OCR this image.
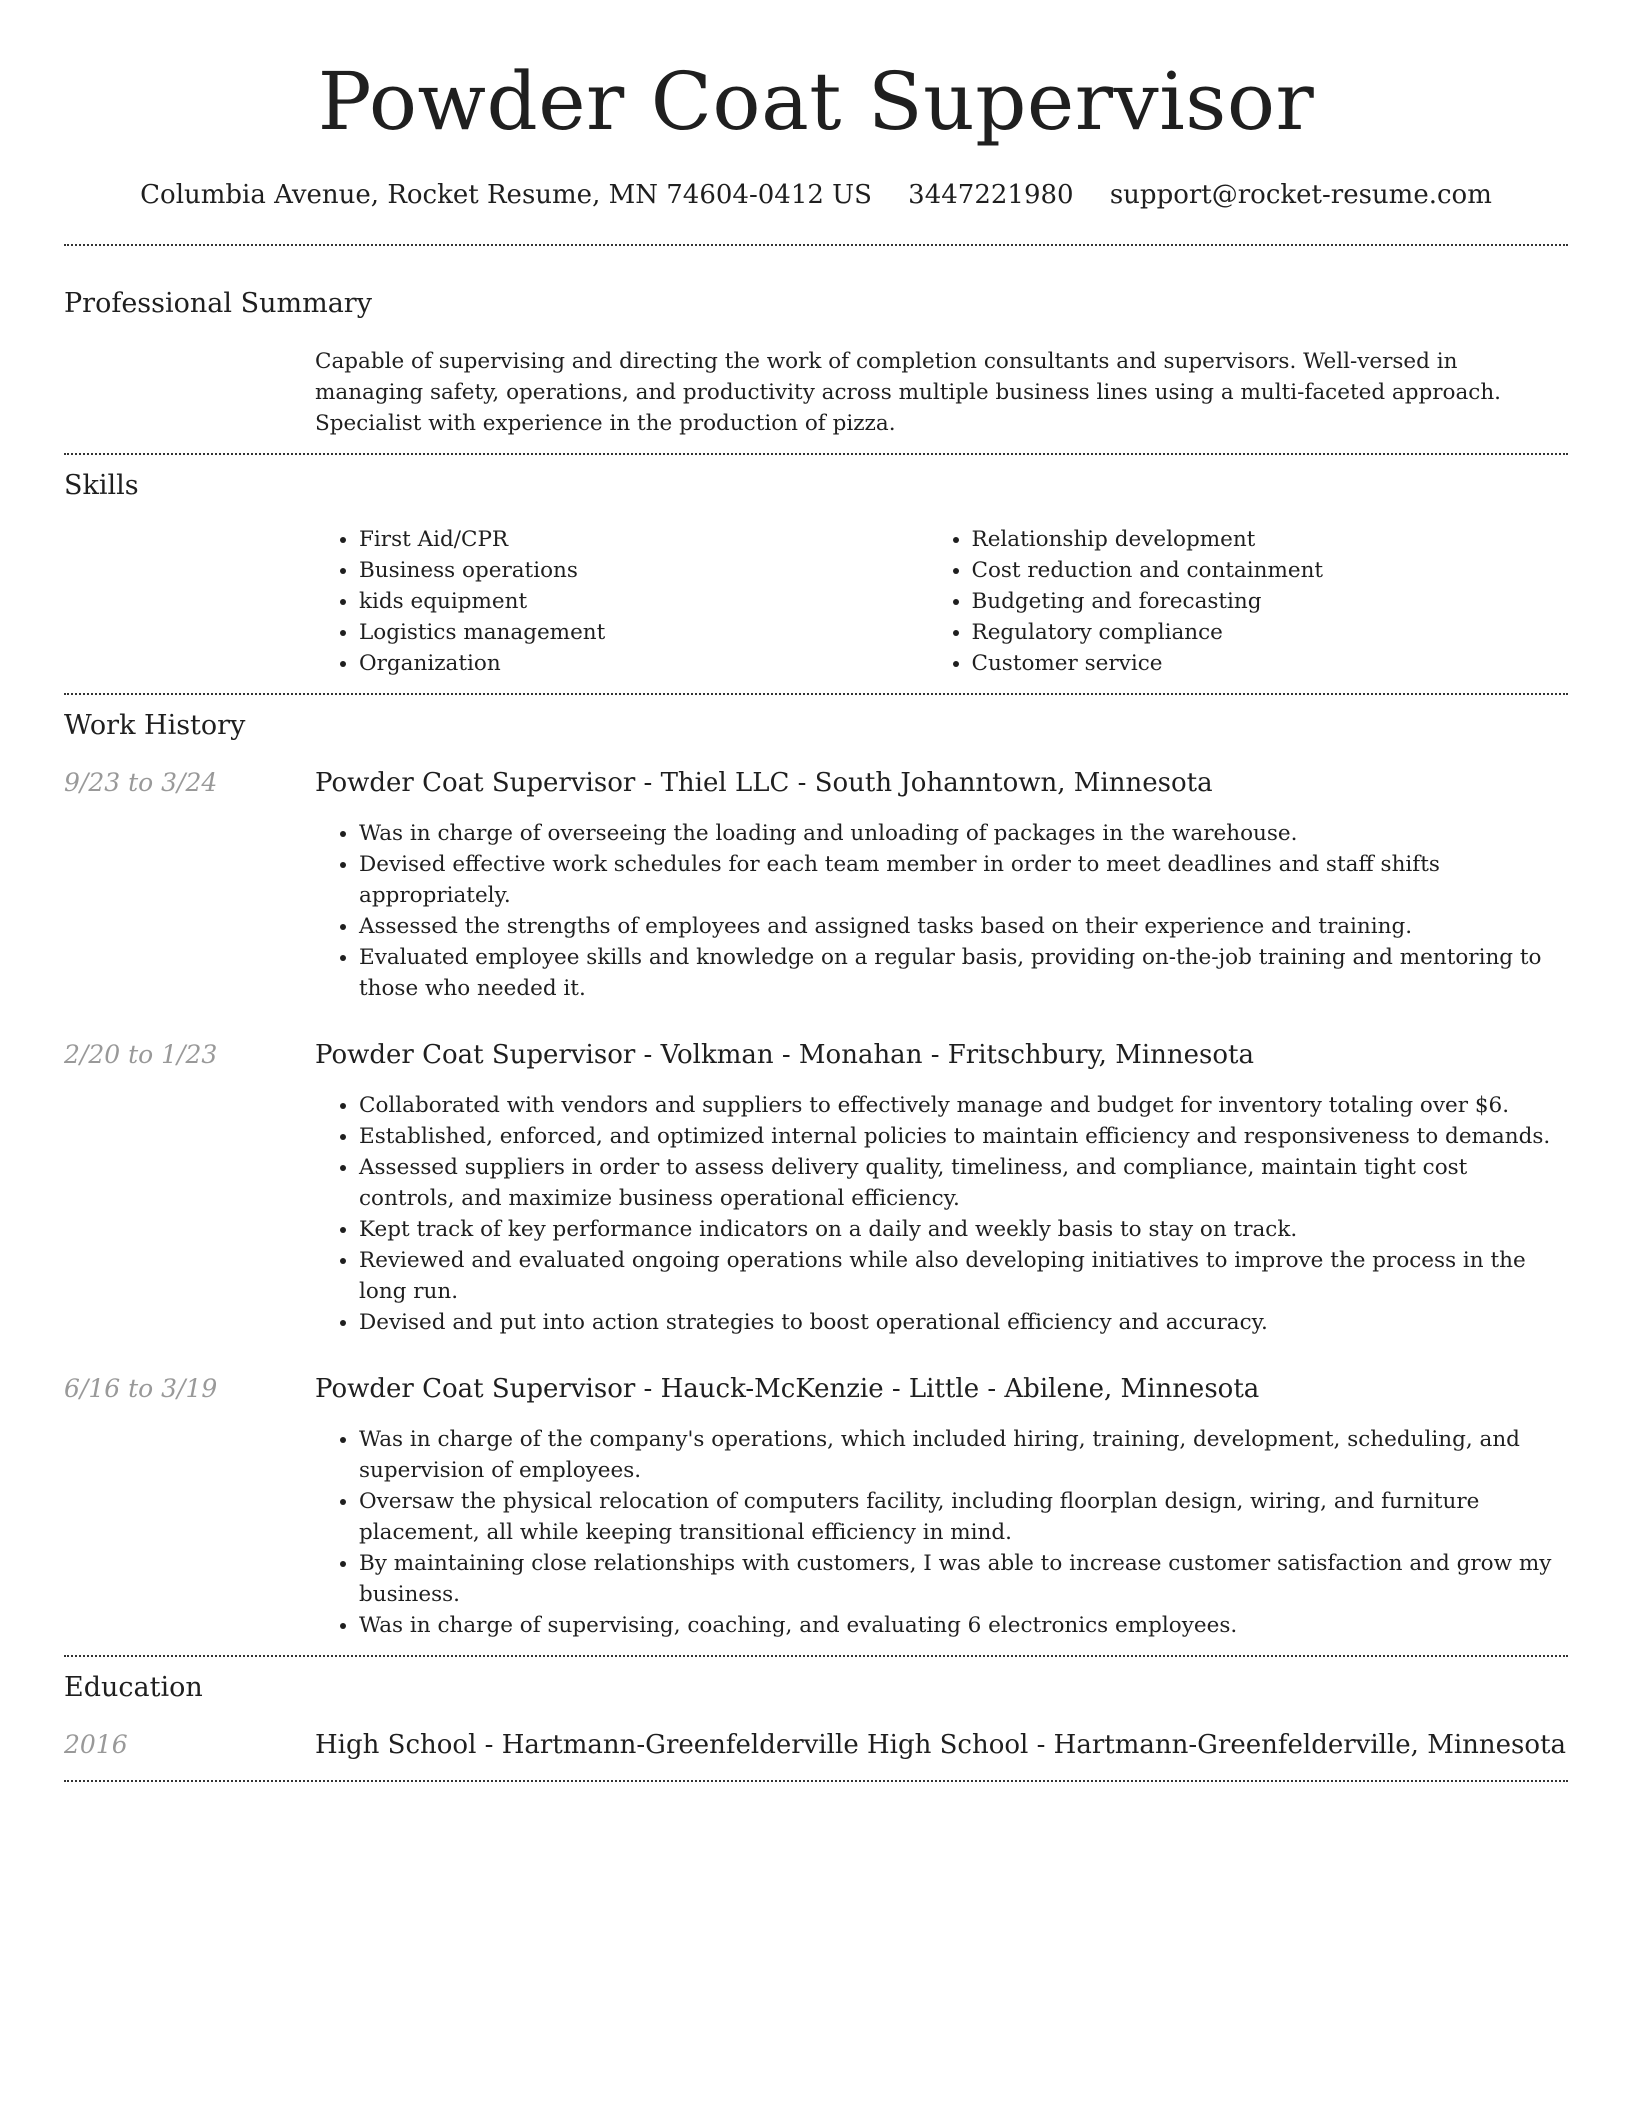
Powder Coat Supervisor
Columbia Avenue, Rocket Resume, MN 74604-0412 US 3447221980 support@rocket-resume.com
Professional Summary

Capable of supervising and directing the work of completion consultants and supervisors. Well-versed in managing safety, operations, and productivity across multiple business lines using a multi-faceted approach. Specialist with experience in the production of pizza.

Skills
• First Aid/CPR
• Business operations
• kids equipment
• Logistics management
• Organization
• Relationship development
• Cost reduction and containment
• Budgeting and forecasting
• Regulatory compliance
• Customer service
Work History
9/23 to 3/24	Powder Coat Supervisor - Thiel LLC - South Johanntown, Minnesota
• Was in charge of overseeing the loading and unloading of packages in the warehouse.
• Devised effective work schedules for each team member in order to meet deadlines and staff shifts appropriately.
• Assessed the strengths of employees and assigned tasks based on their experience and training.
• Evaluated employee skills and knowledge on a regular basis, providing on-the-job training and mentoring to those who needed it.
2/20 to 1/23	Powder Coat Supervisor - Volkman - Monahan - Fritschbury, Minnesota
• Collaborated with vendors and suppliers to effectively manage and budget for inventory totaling over $6.
• Established, enforced, and optimized internal policies to maintain efficiency and responsiveness to demands.
• Assessed suppliers in order to assess delivery quality, timeliness, and compliance, maintain tight cost controls, and maximize business operational efficiency.
• Kept track of key performance indicators on a daily and weekly basis to stay on track.
• Reviewed and evaluated ongoing operations while also developing initiatives to improve the process in the long run.
• Devised and put into action strategies to boost operational efficiency and accuracy.
6/16 to 3/19	Powder Coat Supervisor - Hauck-McKenzie - Little - Abilene, Minnesota
• Was in charge of the company's operations, which included hiring, training, development, scheduling, and supervision of employees.
• Oversaw the physical relocation of computers facility, including floorplan design, wiring, and furniture placement, all while keeping transitional efficiency in mind.
• By maintaining close relationships with customers, I was able to increase customer satisfaction and grow my business.
• Was in charge of supervising, coaching, and evaluating 6 electronics employees.
Education
2016	High School - Hartmann-Greenfelderville High School - Hartmann-Greenfelderville, Minnesota
